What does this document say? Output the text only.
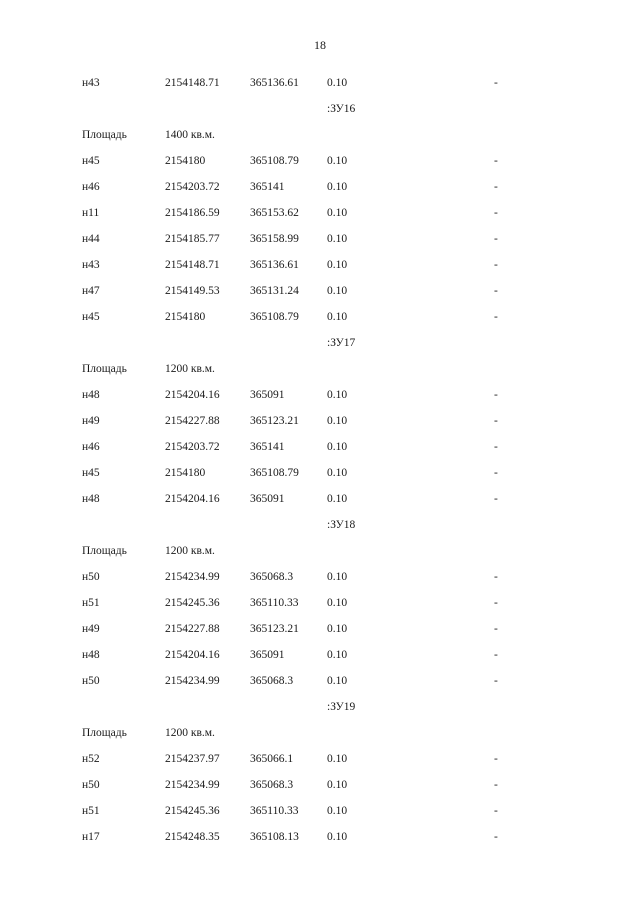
18
н43	2154148.71	365136.61 0.10	-
:ЗУ16
Площадь	1400 кв.м.
н45	2154180	365108.79 0.10	-
н46	2154203.72	365141	0.10	-
н11	2154186.59	365153.62 0.10	-
н44	2154185.77	365158.99 0.10	-
н43	2154148.71	365136.61 0.10	-
н47	2154149.53	365131.24 0.10	-
н45	2154180	365108.79 0.10	-
:ЗУ17
Площадь	1200 кв.м.
н48	2154204.16	365091	0.10	-
н49	2154227.88	365123.21 0.10	-
н46	2154203.72	365141	0.10	-
н45	2154180	365108.79 0.10	-
н48	2154204.16	365091	0.10	-
:ЗУ18
Площадь	1200 кв.м.
н50	2154234.99	365068.3	0.10	-
н51	2154245.36	365110.33 0.10	-
н49	2154227.88	365123.21 0.10	-
н48	2154204.16	365091	0.10	-
н50	2154234.99	365068.3	0.10	-
:ЗУ19
Площадь	1200 кв.м.
н52	2154237.97	365066.1	0.10	-
н50	2154234.99	365068.3	0.10	-
н51	2154245.36	365110.33 0.10	-
н17	2154248.35	365108.13 0.10	-
